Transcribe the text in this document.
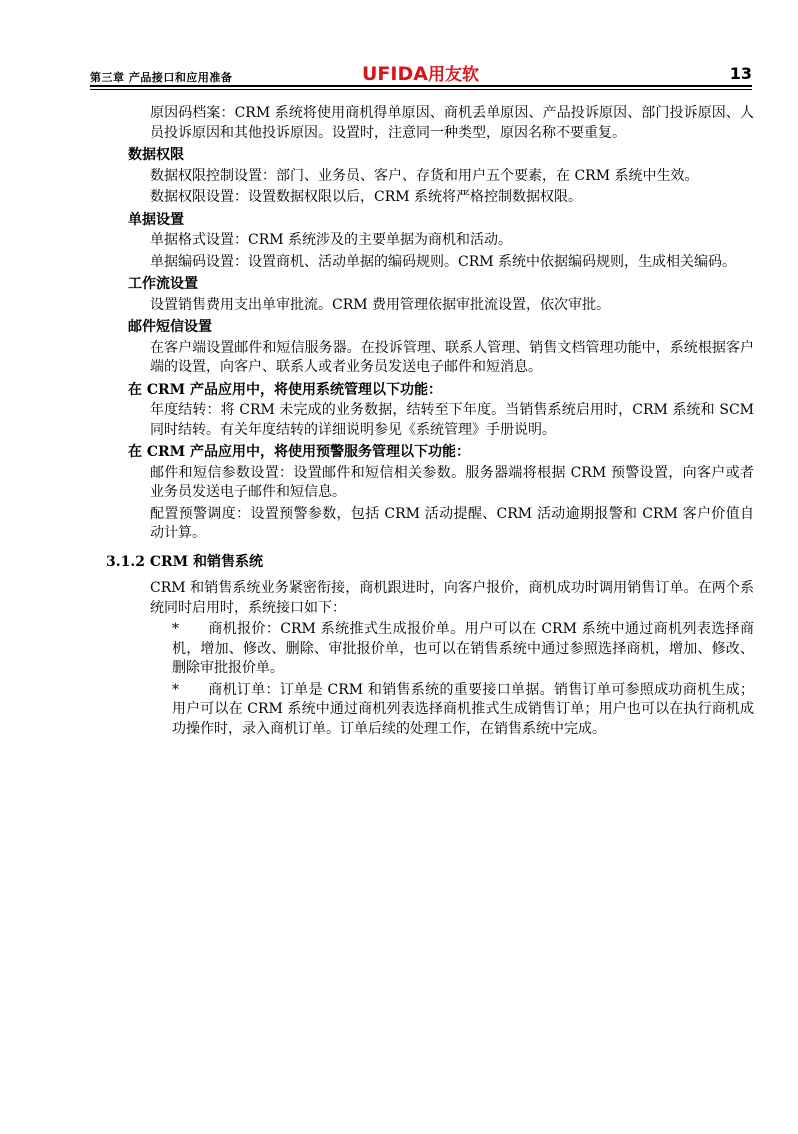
第三章 产品接口和应用准备	UFIDA用友软	13
原因码档案：CRM 系统将使用商机得单原因、商机丢单原因、产品投诉原因、部门投诉原因、人员投诉原因和其他投诉原因。设置时，注意同一种类型，原因名称不要重复。
数据权限
数据权限控制设置：部门、业务员、客户、存货和用户五个要素，在 CRM 系统中生效。
数据权限设置：设置数据权限以后，CRM 系统将严格控制数据权限。
单据设置
单据格式设置：CRM 系统涉及的主要单据为商机和活动。
单据编码设置：设置商机、活动单据的编码规则。CRM 系统中依据编码规则，生成相关编码。
工作流设置
设置销售费用支出单审批流。CRM 费用管理依据审批流设置，依次审批。
邮件短信设置
在客户端设置邮件和短信服务器。在投诉管理、联系人管理、销售文档管理功能中，系统根据客户端的设置，向客户、联系人或者业务员发送电子邮件和短消息。
在 CRM 产品应用中，将使用系统管理以下功能：
年度结转：将 CRM 未完成的业务数据，结转至下年度。当销售系统启用时，CRM 系统和 SCM 同时结转。有关年度结转的详细说明参见《系统管理》手册说明。
在 CRM 产品应用中，将使用预警服务管理以下功能：
邮件和短信参数设置：设置邮件和短信相关参数。服务器端将根据 CRM 预警设置，向客户或者业务员发送电子邮件和短信息。
配置预警调度：设置预警参数，包括 CRM 活动提醒、CRM 活动逾期报警和 CRM 客户价值自动计算。
3.1.2 CRM 和销售系统
CRM 和销售系统业务紧密衔接，商机跟进时，向客户报价，商机成功时调用销售订单。在两个系统同时启用时，系统接口如下：
* 商机报价：CRM 系统推式生成报价单。用户可以在 CRM 系统中通过商机列表选择商机，增加、修改、删除、审批报价单，也可以在销售系统中通过参照选择商机，增加、修改、删除审批报价单。
* 商机订单：订单是 CRM 和销售系统的重要接口单据。销售订单可参照成功商机生成；用户可以在 CRM 系统中通过商机列表选择商机推式生成销售订单；用户也可以在执行商机成功操作时，录入商机订单。订单后续的处理工作，在销售系统中完成。
